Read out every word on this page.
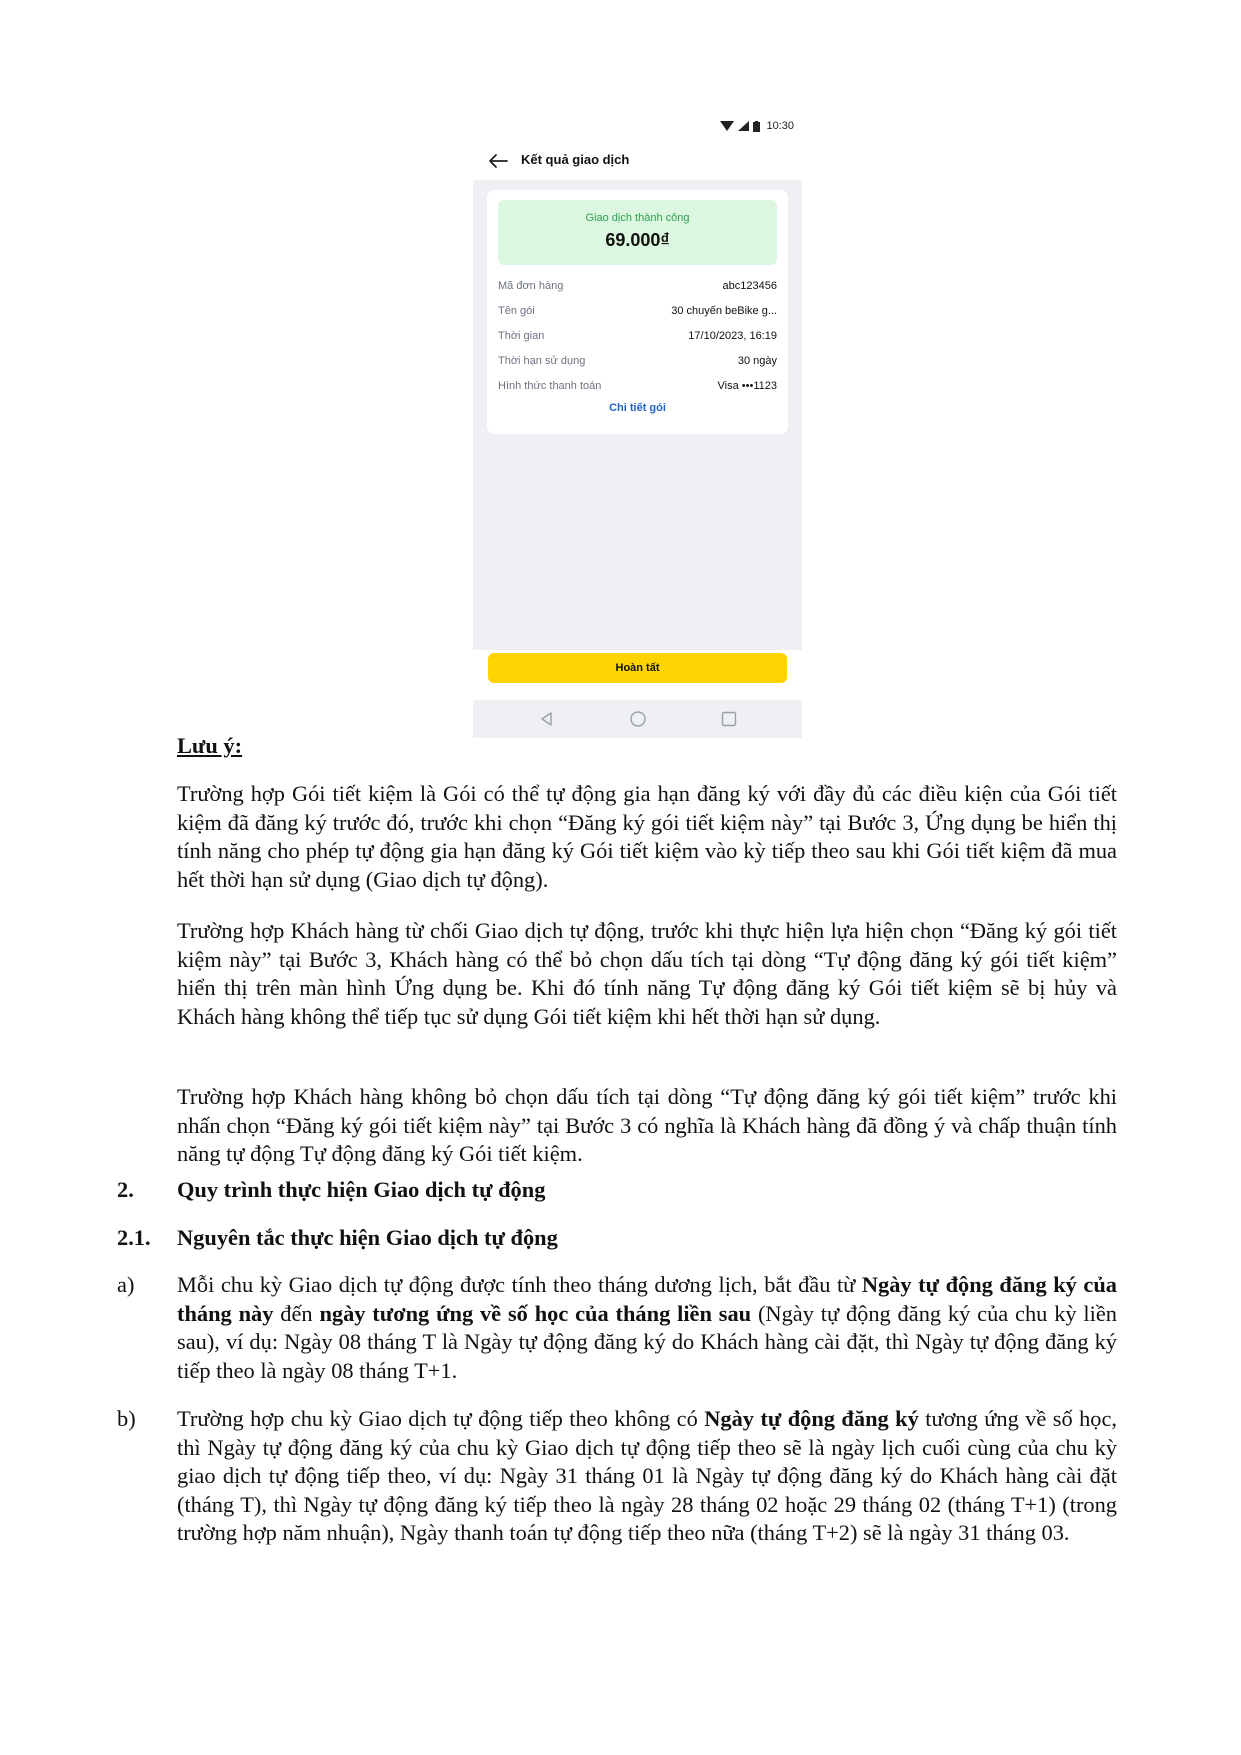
10:30
Kết quả giao dịch
Giao dịch thành công
69.000₫
Mã đơn hàng	abc123456
Tên gói	30 chuyến beBike g...
Thời gian	17/10/2023, 16:19
Thời hạn sử dụng	30 ngày
Hình thức thanh toán	Visa •••1123
Chi tiết gói
Hoàn tất

Lưu ý:

Trường hợp Gói tiết kiệm là Gói có thể tự động gia hạn đăng ký với đầy đủ các điều kiện của Gói tiết kiệm đã đăng ký trước đó, trước khi chọn “Đăng ký gói tiết kiệm này” tại Bước 3, Ứng dụng be hiển thị tính năng cho phép tự động gia hạn đăng ký Gói tiết kiệm vào kỳ tiếp theo sau khi Gói tiết kiệm đã mua hết thời hạn sử dụng (Giao dịch tự động).

Trường hợp Khách hàng từ chối Giao dịch tự động, trước khi thực hiện lựa hiện chọn “Đăng ký gói tiết kiệm này” tại Bước 3, Khách hàng có thể bỏ chọn dấu tích tại dòng “Tự động đăng ký gói tiết kiệm” hiển thị trên màn hình Ứng dụng be. Khi đó tính năng Tự động đăng ký Gói tiết kiệm sẽ bị hủy và Khách hàng không thể tiếp tục sử dụng Gói tiết kiệm khi hết thời hạn sử dụng.

Trường hợp Khách hàng không bỏ chọn dấu tích tại dòng “Tự động đăng ký gói tiết kiệm” trước khi nhấn chọn “Đăng ký gói tiết kiệm này” tại Bước 3 có nghĩa là Khách hàng đã đồng ý và chấp thuận tính năng tự động Tự động đăng ký Gói tiết kiệm.

2. Quy trình thực hiện Giao dịch tự động

2.1. Nguyên tắc thực hiện Giao dịch tự động

a) Mỗi chu kỳ Giao dịch tự động được tính theo tháng dương lịch, bắt đầu từ Ngày tự động đăng ký của tháng này đến ngày tương ứng về số học của tháng liền sau (Ngày tự động đăng ký của chu kỳ liền sau), ví dụ: Ngày 08 tháng T là Ngày tự động đăng ký do Khách hàng cài đặt, thì Ngày tự động đăng ký tiếp theo là ngày 08 tháng T+1.

b) Trường hợp chu kỳ Giao dịch tự động tiếp theo không có Ngày tự động đăng ký tương ứng về số học, thì Ngày tự động đăng ký của chu kỳ Giao dịch tự động tiếp theo sẽ là ngày lịch cuối cùng của chu kỳ giao dịch tự động tiếp theo, ví dụ: Ngày 31 tháng 01 là Ngày tự động đăng ký do Khách hàng cài đặt (tháng T), thì Ngày tự động đăng ký tiếp theo là ngày 28 tháng 02 hoặc 29 tháng 02 (tháng T+1) (trong trường hợp năm nhuận), Ngày thanh toán tự động tiếp theo nữa (tháng T+2) sẽ là ngày 31 tháng 03.
